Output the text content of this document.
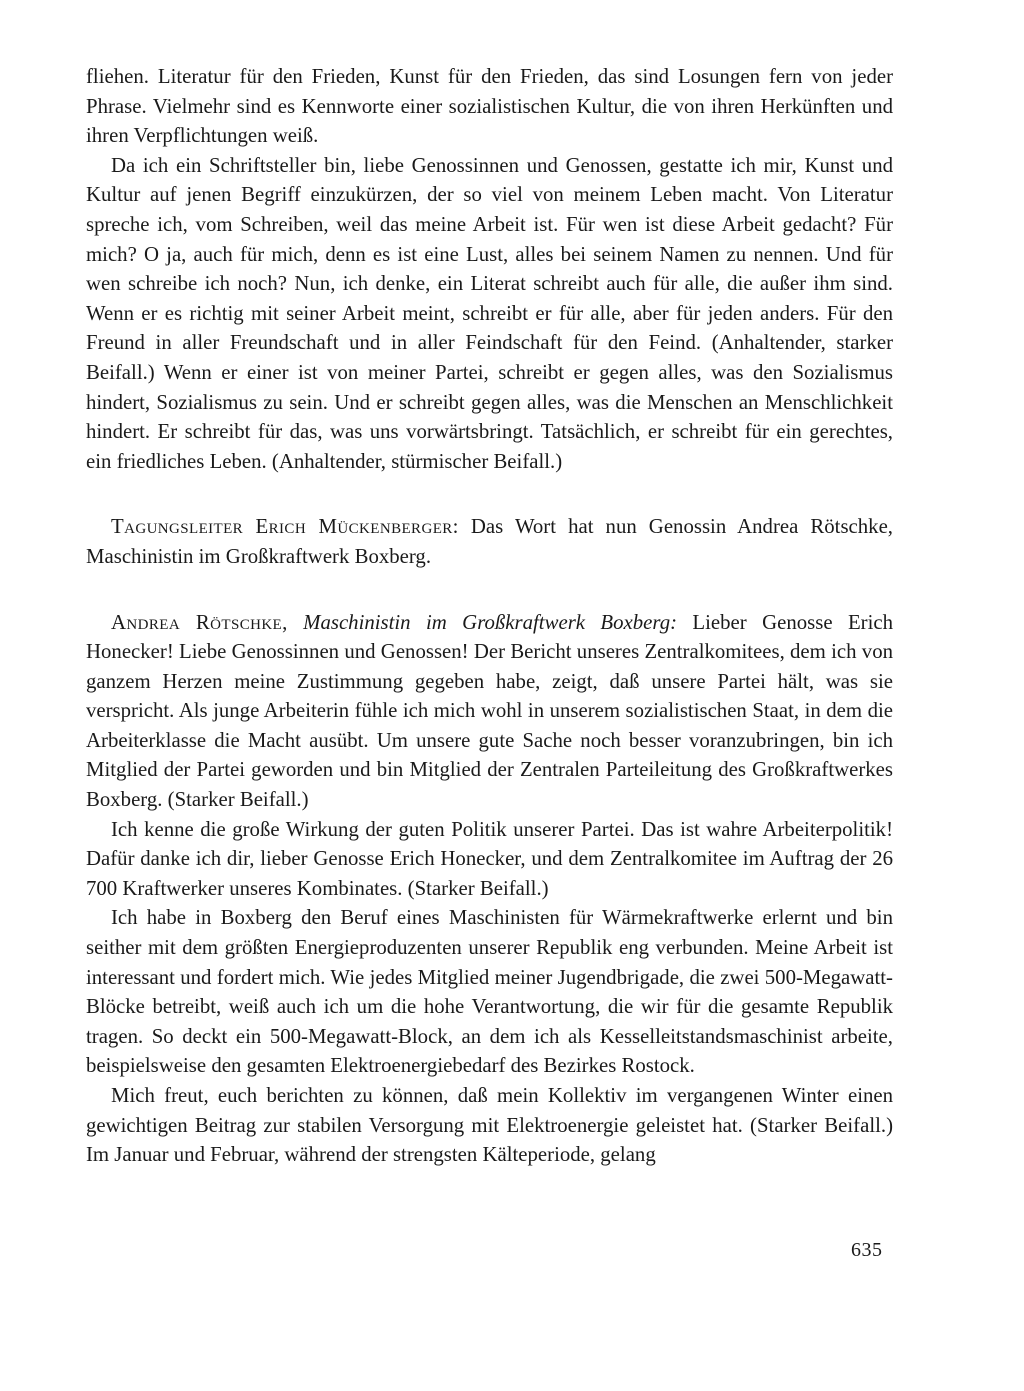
fliehen. Literatur für den Frieden, Kunst für den Frieden, das sind Losungen fern von jeder Phrase. Vielmehr sind es Kennworte einer sozialistischen Kultur, die von ihren Herkünften und ihren Verpflichtungen weiß.

Da ich ein Schriftsteller bin, liebe Genossinnen und Genossen, gestatte ich mir, Kunst und Kultur auf jenen Begriff einzukürzen, der so viel von meinem Leben macht. Von Literatur spreche ich, vom Schreiben, weil das meine Arbeit ist. Für wen ist diese Arbeit gedacht? Für mich? O ja, auch für mich, denn es ist eine Lust, alles bei seinem Namen zu nennen. Und für wen schreibe ich noch? Nun, ich denke, ein Literat schreibt auch für alle, die außer ihm sind. Wenn er es richtig mit seiner Arbeit meint, schreibt er für alle, aber für jeden anders. Für den Freund in aller Freundschaft und in aller Feindschaft für den Feind. (Anhaltender, starker Beifall.) Wenn er einer ist von meiner Partei, schreibt er gegen alles, was den Sozialismus hindert, Sozialismus zu sein. Und er schreibt gegen alles, was die Menschen an Menschlichkeit hindert. Er schreibt für das, was uns vorwärtsbringt. Tatsächlich, er schreibt für ein gerechtes, ein friedliches Leben. (Anhaltender, stürmischer Beifall.)

Tagungsleiter Erich Mückenberger: Das Wort hat nun Genossin Andrea Rötschke, Maschinistin im Großkraftwerk Boxberg.

Andrea Rötschke, Maschinistin im Großkraftwerk Boxberg: Lieber Genosse Erich Honecker! Liebe Genossinnen und Genossen! Der Bericht unseres Zentralkomitees, dem ich von ganzem Herzen meine Zustimmung gegeben habe, zeigt, daß unsere Partei hält, was sie verspricht. Als junge Arbeiterin fühle ich mich wohl in unserem sozialistischen Staat, in dem die Arbeiterklasse die Macht ausübt. Um unsere gute Sache noch besser voranzubringen, bin ich Mitglied der Partei geworden und bin Mitglied der Zentralen Parteileitung des Großkraftwerkes Boxberg. (Starker Beifall.)

Ich kenne die große Wirkung der guten Politik unserer Partei. Das ist wahre Arbeiterpolitik! Dafür danke ich dir, lieber Genosse Erich Honecker, und dem Zentralkomitee im Auftrag der 26 700 Kraftwerker unseres Kombinates. (Starker Beifall.)

Ich habe in Boxberg den Beruf eines Maschinisten für Wärmekraftwerke erlernt und bin seither mit dem größten Energieproduzenten unserer Republik eng verbunden. Meine Arbeit ist interessant und fordert mich. Wie jedes Mitglied meiner Jugendbrigade, die zwei 500-Megawatt-Blöcke betreibt, weiß auch ich um die hohe Verantwortung, die wir für die gesamte Republik tragen. So deckt ein 500-Megawatt-Block, an dem ich als Kesselleitstandsmaschinist arbeite, beispielsweise den gesamten Elektroenergiebedarf des Bezirkes Rostock.

Mich freut, euch berichten zu können, daß mein Kollektiv im vergangenen Winter einen gewichtigen Beitrag zur stabilen Versorgung mit Elektroenergie geleistet hat. (Starker Beifall.) Im Januar und Februar, während der strengsten Kälteperiode, gelang

635
